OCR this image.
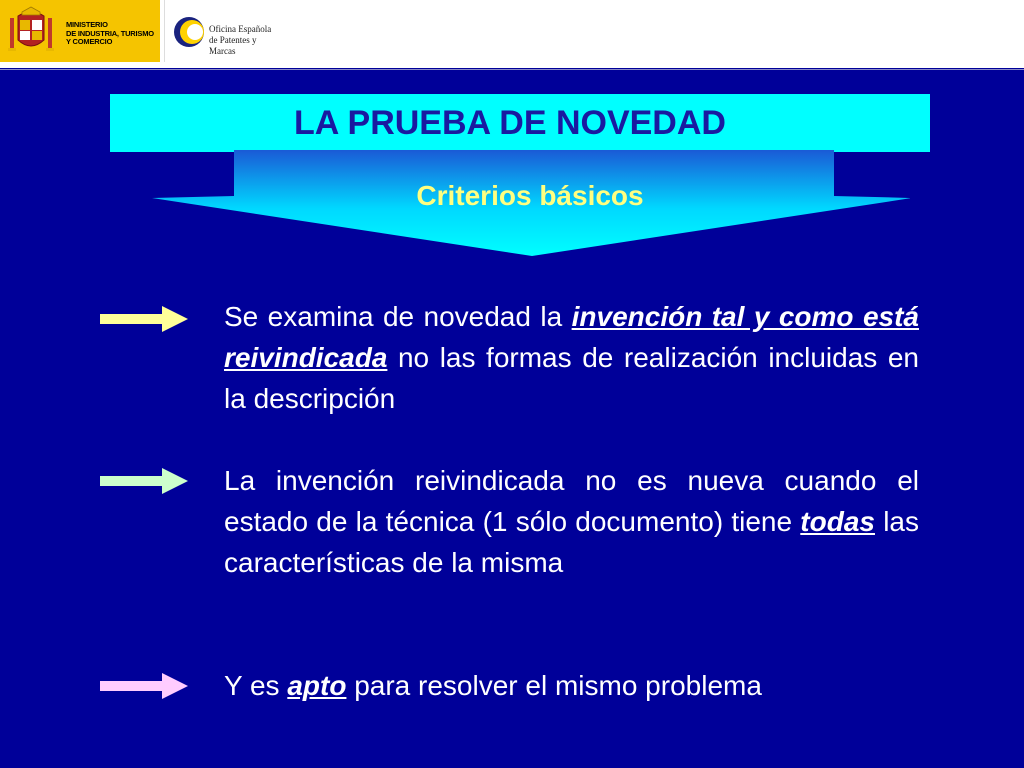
MINISTERIO
DE INDUSTRIA, TURISMO
Y COMERCIO
Oficina Española
de Patentes y Marcas
LA PRUEBA DE NOVEDAD
Criterios básicos
Se examina de novedad la invención tal y como está reivindicada no las formas de realización incluidas en la descripción
La invención reivindicada no es nueva cuando el estado de la técnica (1 sólo documento) tiene todas las características de la misma
Y es apto para resolver el mismo problema
